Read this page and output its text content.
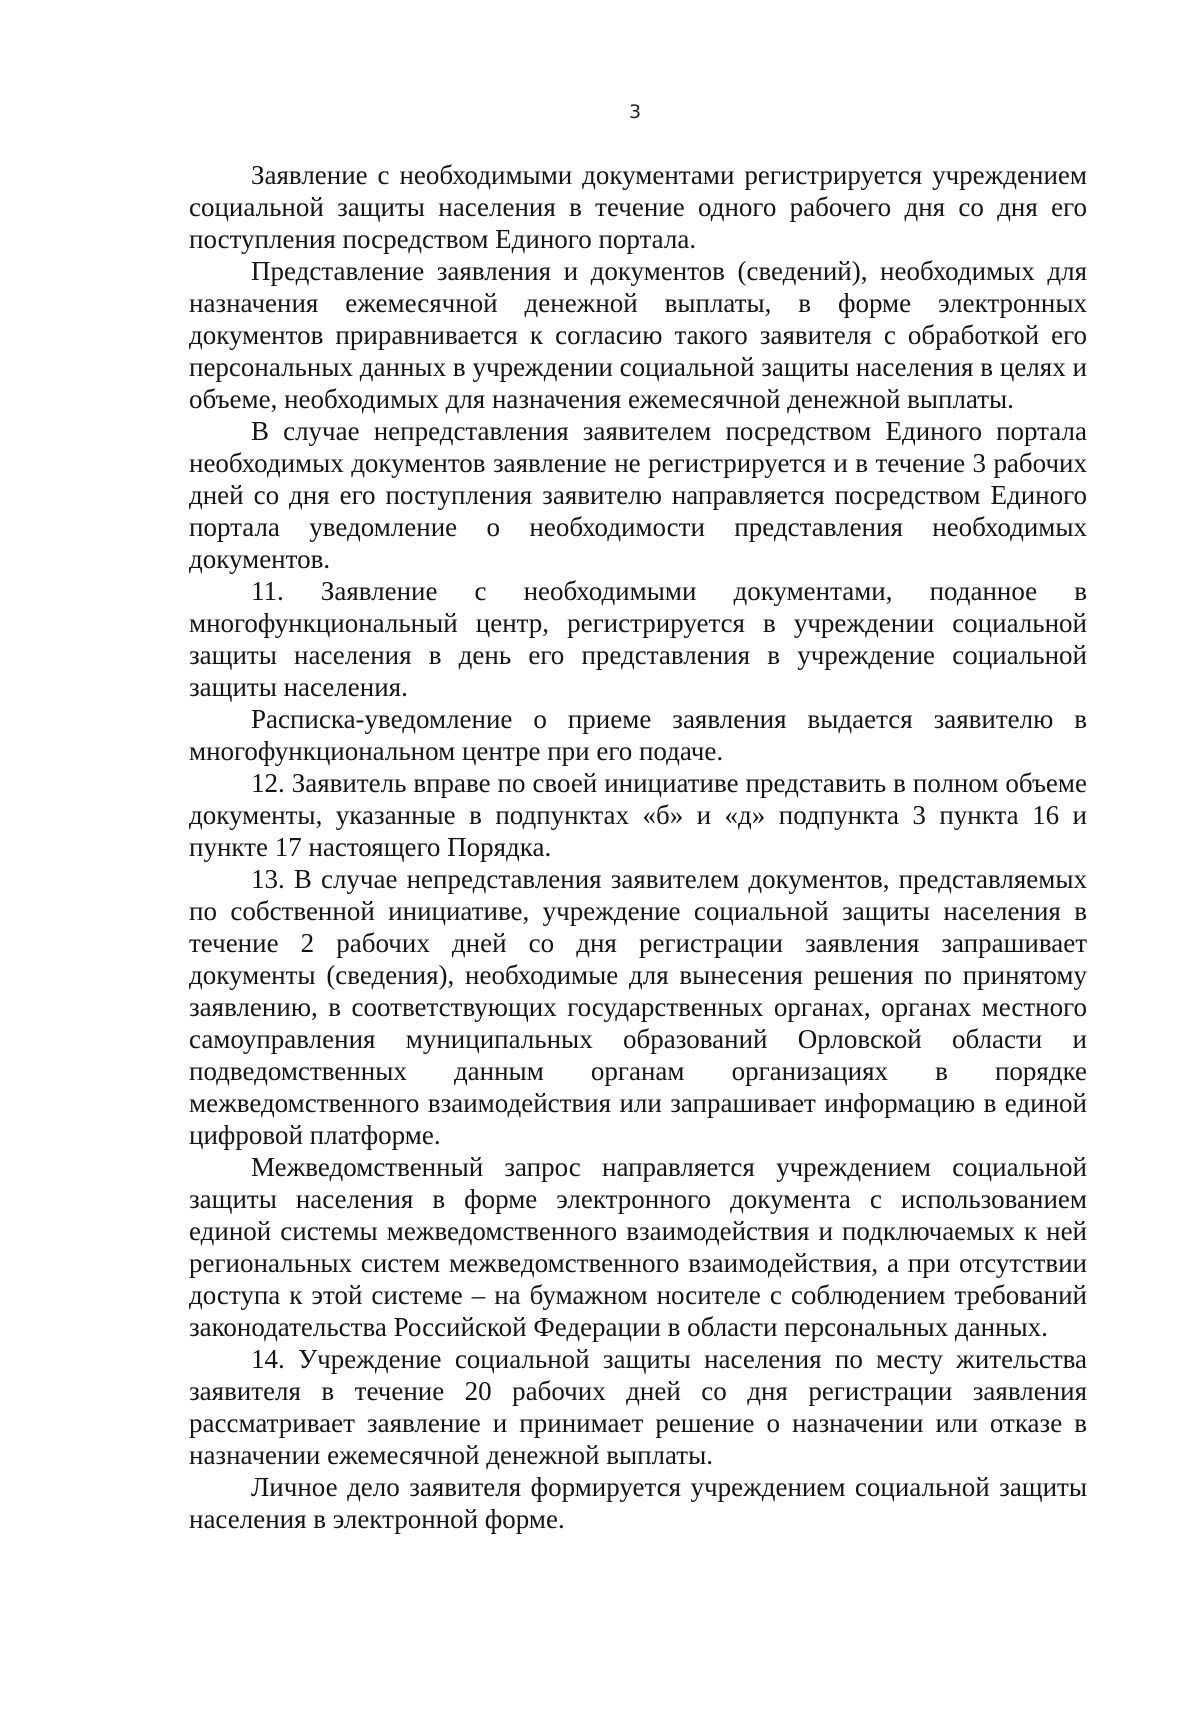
3

Заявление с необходимыми документами регистрируется учреждением социальной защиты населения в течение одного рабочего дня со дня его поступления посредством Единого портала.

Представление заявления и документов (сведений), необходимых для назначения ежемесячной денежной выплаты, в форме электронных документов приравнивается к согласию такого заявителя с обработкой его персональных данных в учреждении социальной защиты населения в целях и объеме, необходимых для назначения ежемесячной денежной выплаты.

В случае непредставления заявителем посредством Единого портала необходимых документов заявление не регистрируется и в течение 3 рабочих дней со дня его поступления заявителю направляется посредством Единого портала уведомление о необходимости представления необходимых документов.

11. Заявление с необходимыми документами, поданное в многофункциональный центр, регистрируется в учреждении социальной защиты населения в день его представления в учреждение социальной защиты населения.

Расписка-уведомление о приеме заявления выдается заявителю в многофункциональном центре при его подаче.

12. Заявитель вправе по своей инициативе представить в полном объеме документы, указанные в подпунктах «б» и «д» подпункта 3 пункта 16 и пункте 17 настоящего Порядка.

13. В случае непредставления заявителем документов, представляемых по собственной инициативе, учреждение социальной защиты населения в течение 2 рабочих дней со дня регистрации заявления запрашивает документы (сведения), необходимые для вынесения решения по принятому заявлению, в соответствующих государственных органах, органах местного самоуправления муниципальных образований Орловской области и подведомственных данным органам организациях в порядке межведомственного взаимодействия или запрашивает информацию в единой цифровой платформе.

Межведомственный запрос направляется учреждением социальной защиты населения в форме электронного документа с использованием единой системы межведомственного взаимодействия и подключаемых к ней региональных систем межведомственного взаимодействия, а при отсутствии доступа к этой системе – на бумажном носителе с соблюдением требований законодательства Российской Федерации в области персональных данных.

14. Учреждение социальной защиты населения по месту жительства заявителя в течение 20 рабочих дней со дня регистрации заявления рассматривает заявление и принимает решение о назначении или отказе в назначении ежемесячной денежной выплаты.

Личное дело заявителя формируется учреждением социальной защиты населения в электронной форме.
